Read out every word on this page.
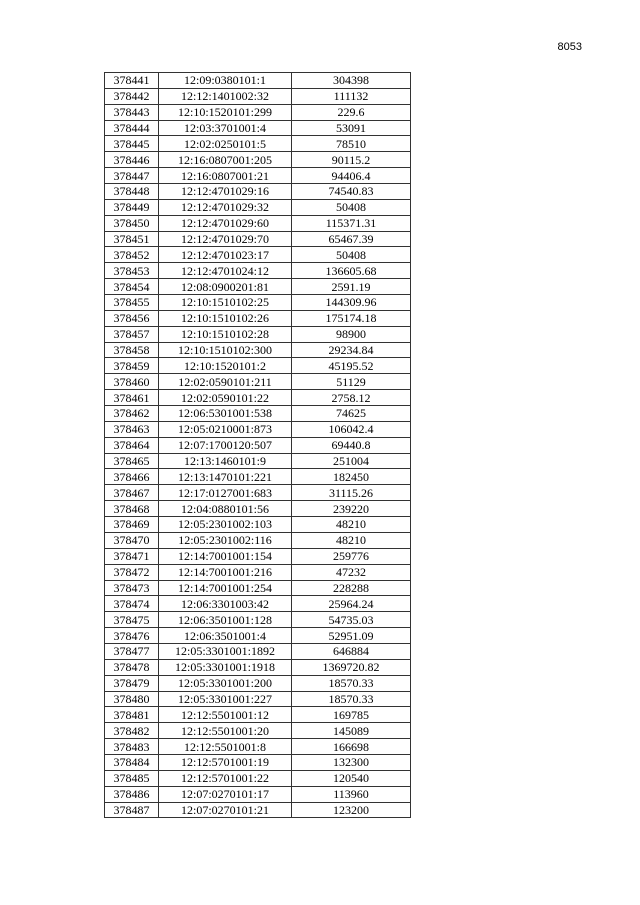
8053
378441	12:09:0380101:1	304398
378442	12:12:1401002:32	111132
378443	12:10:1520101:299	229.6
378444	12:03:3701001:4	53091
378445	12:02:0250101:5	78510
378446	12:16:0807001:205	90115.2
378447	12:16:0807001:21	94406.4
378448	12:12:4701029:16	74540.83
378449	12:12:4701029:32	50408
378450	12:12:4701029:60	115371.31
378451	12:12:4701029:70	65467.39
378452	12:12:4701023:17	50408
378453	12:12:4701024:12	136605.68
378454	12:08:0900201:81	2591.19
378455	12:10:1510102:25	144309.96
378456	12:10:1510102:26	175174.18
378457	12:10:1510102:28	98900
378458	12:10:1510102:300	29234.84
378459	12:10:1520101:2	45195.52
378460	12:02:0590101:211	51129
378461	12:02:0590101:22	2758.12
378462	12:06:5301001:538	74625
378463	12:05:0210001:873	106042.4
378464	12:07:1700120:507	69440.8
378465	12:13:1460101:9	251004
378466	12:13:1470101:221	182450
378467	12:17:0127001:683	31115.26
378468	12:04:0880101:56	239220
378469	12:05:2301002:103	48210
378470	12:05:2301002:116	48210
378471	12:14:7001001:154	259776
378472	12:14:7001001:216	47232
378473	12:14:7001001:254	228288
378474	12:06:3301003:42	25964.24
378475	12:06:3501001:128	54735.03
378476	12:06:3501001:4	52951.09
378477	12:05:3301001:1892	646884
378478	12:05:3301001:1918	1369720.82
378479	12:05:3301001:200	18570.33
378480	12:05:3301001:227	18570.33
378481	12:12:5501001:12	169785
378482	12:12:5501001:20	145089
378483	12:12:5501001:8	166698
378484	12:12:5701001:19	132300
378485	12:12:5701001:22	120540
378486	12:07:0270101:17	113960
378487	12:07:0270101:21	123200
